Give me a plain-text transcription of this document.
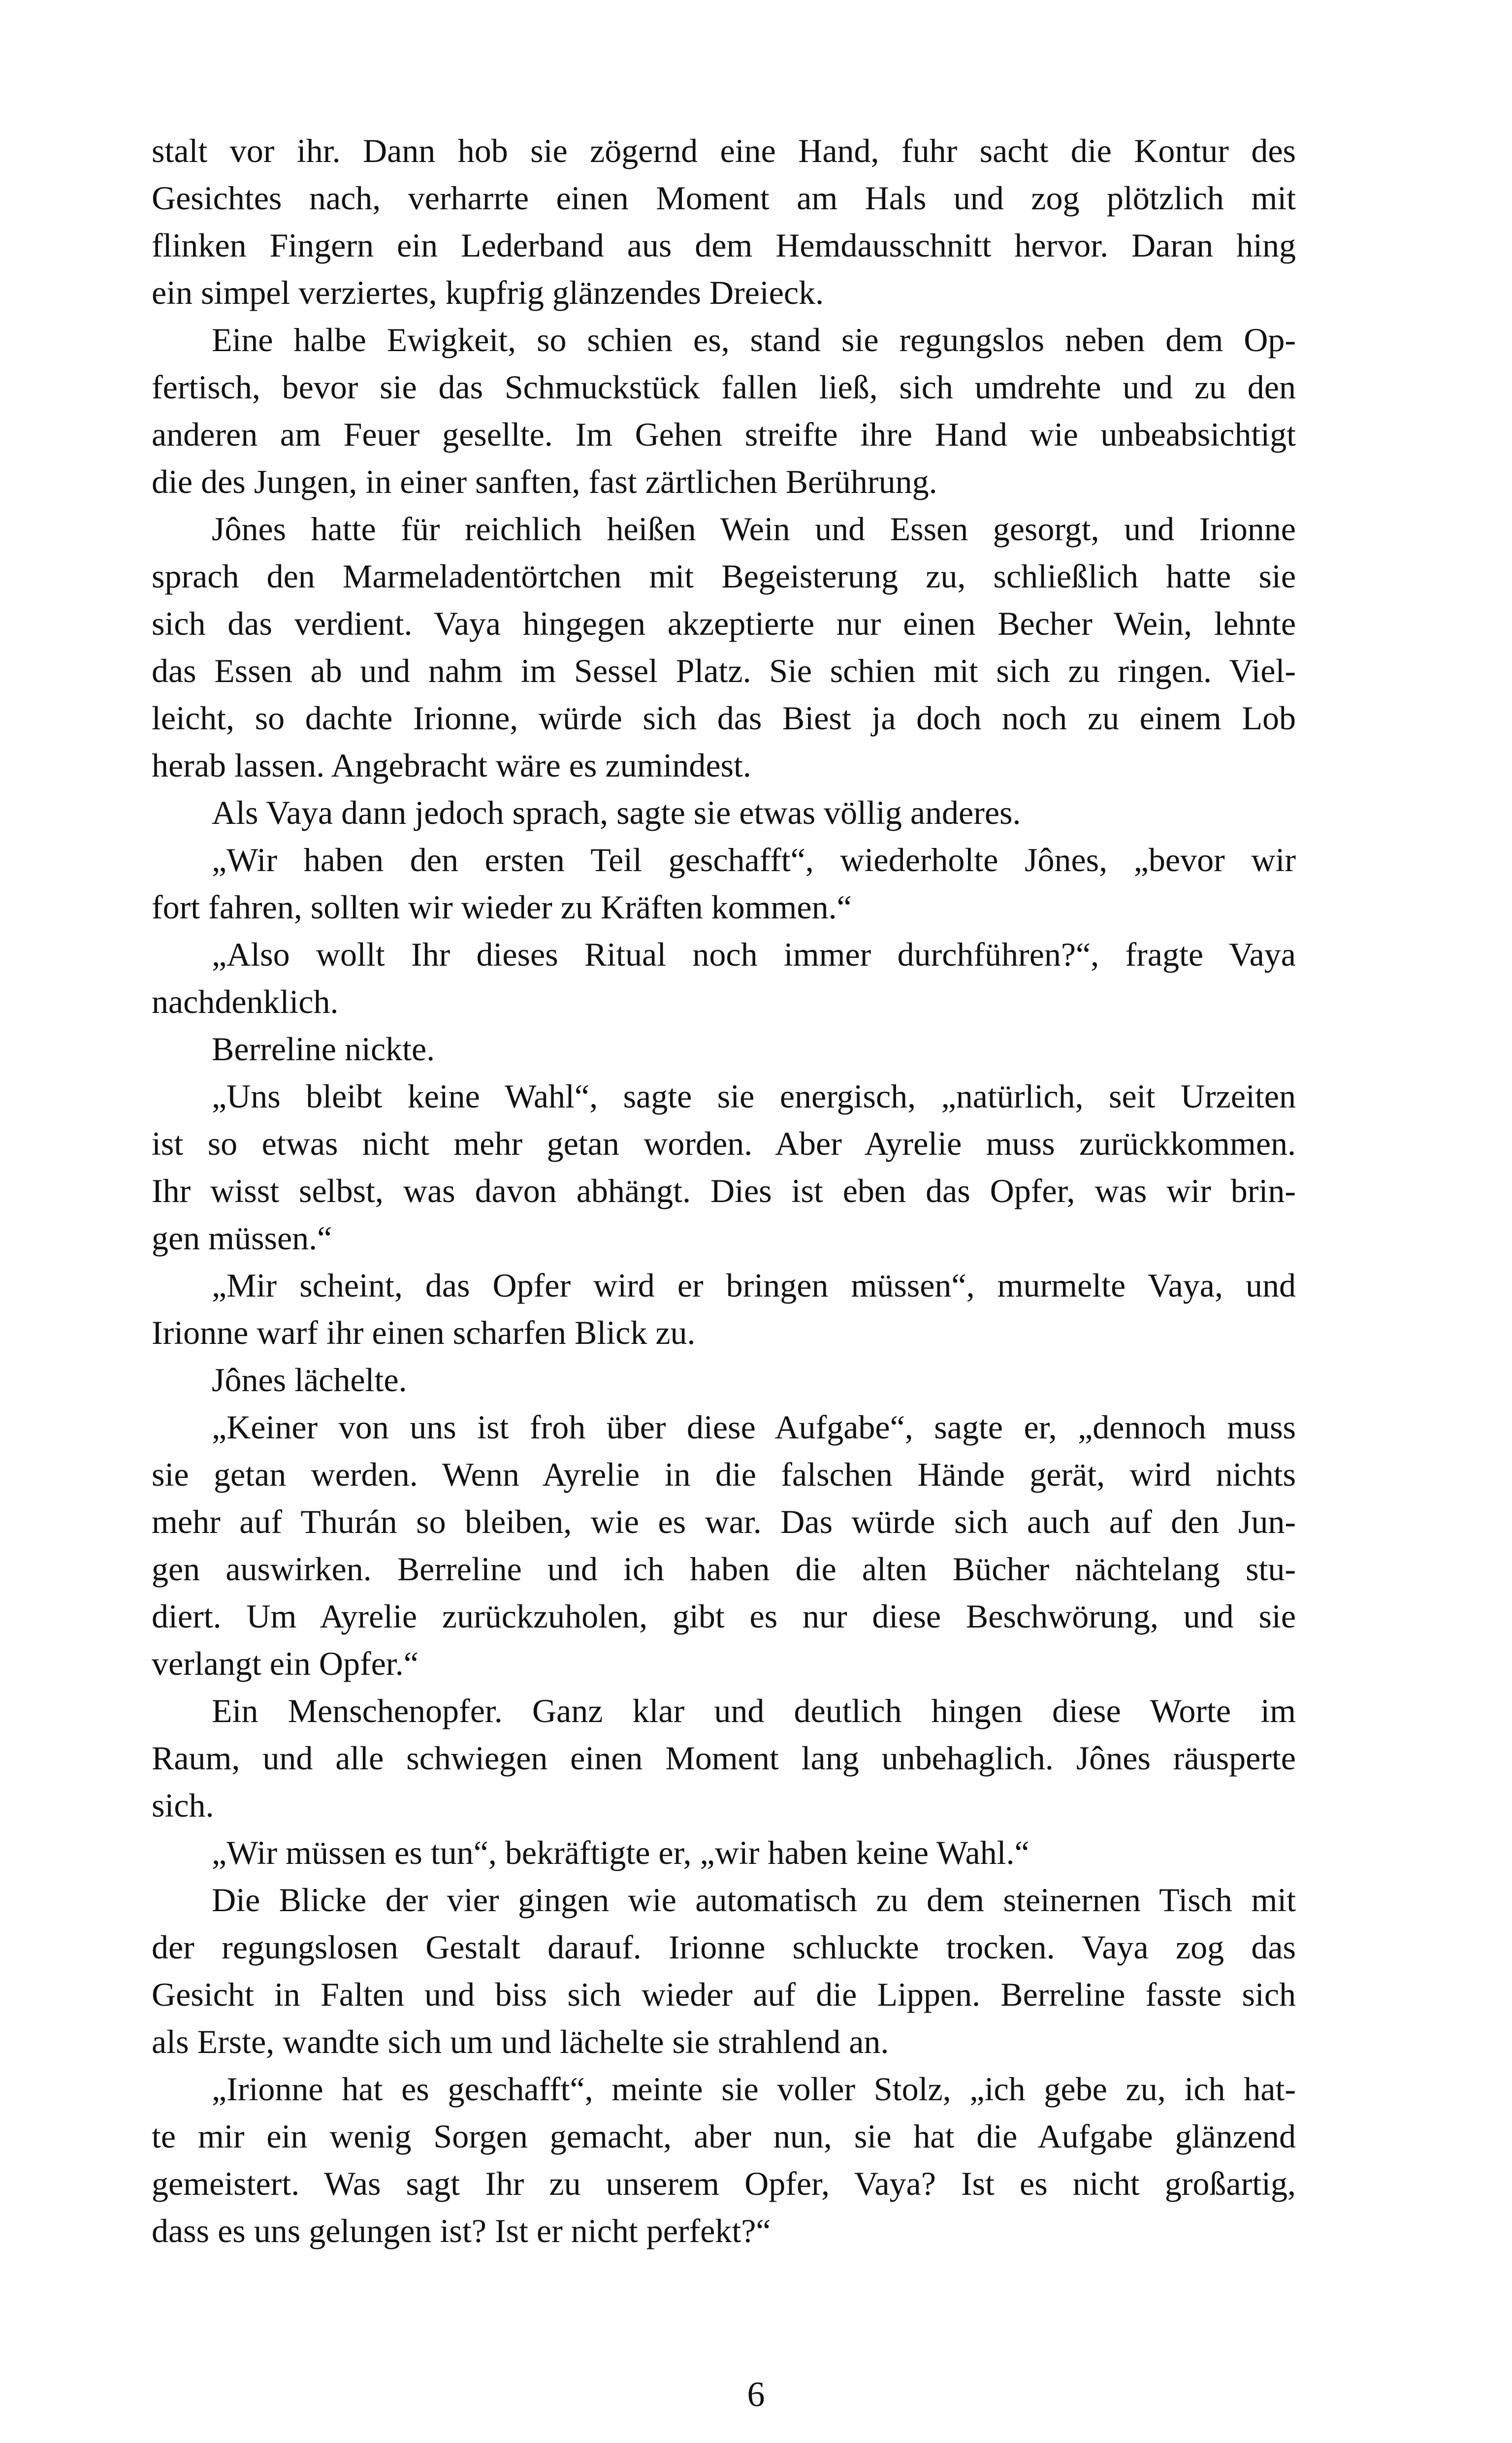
stalt vor ihr. Dann hob sie zögernd eine Hand, fuhr sacht die Kontur des
Gesichtes nach, verharrte einen Moment am Hals und zog plötzlich mit
flinken Fingern ein Lederband aus dem Hemdausschnitt hervor. Daran hing
ein simpel verziertes, kupfrig glänzendes Dreieck.
Eine halbe Ewigkeit, so schien es, stand sie regungslos neben dem Op-
fertisch, bevor sie das Schmuckstück fallen ließ, sich umdrehte und zu den
anderen am Feuer gesellte. Im Gehen streifte ihre Hand wie unbeabsichtigt
die des Jungen, in einer sanften, fast zärtlichen Berührung.
Jônes hatte für reichlich heißen Wein und Essen gesorgt, und Irionne
sprach den Marmeladentörtchen mit Begeisterung zu, schließlich hatte sie
sich das verdient. Vaya hingegen akzeptierte nur einen Becher Wein, lehnte
das Essen ab und nahm im Sessel Platz. Sie schien mit sich zu ringen. Viel-
leicht, so dachte Irionne, würde sich das Biest ja doch noch zu einem Lob
herab lassen. Angebracht wäre es zumindest.
Als Vaya dann jedoch sprach, sagte sie etwas völlig anderes.
„Wir haben den ersten Teil geschafft“, wiederholte Jônes, „bevor wir
fort fahren, sollten wir wieder zu Kräften kommen.“
„Also wollt Ihr dieses Ritual noch immer durchführen?“, fragte Vaya
nachdenklich.
Berreline nickte.
„Uns bleibt keine Wahl“, sagte sie energisch, „natürlich, seit Urzeiten
ist so etwas nicht mehr getan worden. Aber Ayrelie muss zurückkommen.
Ihr wisst selbst, was davon abhängt. Dies ist eben das Opfer, was wir brin-
gen müssen.“
„Mir scheint, das Opfer wird er bringen müssen“, murmelte Vaya, und
Irionne warf ihr einen scharfen Blick zu.
Jônes lächelte.
„Keiner von uns ist froh über diese Aufgabe“, sagte er, „dennoch muss
sie getan werden. Wenn Ayrelie in die falschen Hände gerät, wird nichts
mehr auf Thurán so bleiben, wie es war. Das würde sich auch auf den Jun-
gen auswirken. Berreline und ich haben die alten Bücher nächtelang stu-
diert. Um Ayrelie zurückzuholen, gibt es nur diese Beschwörung, und sie
verlangt ein Opfer.“
Ein Menschenopfer. Ganz klar und deutlich hingen diese Worte im
Raum, und alle schwiegen einen Moment lang unbehaglich. Jônes räusperte
sich.
„Wir müssen es tun“, bekräftigte er, „wir haben keine Wahl.“
Die Blicke der vier gingen wie automatisch zu dem steinernen Tisch mit
der regungslosen Gestalt darauf. Irionne schluckte trocken. Vaya zog das
Gesicht in Falten und biss sich wieder auf die Lippen. Berreline fasste sich
als Erste, wandte sich um und lächelte sie strahlend an.
„Irionne hat es geschafft“, meinte sie voller Stolz, „ich gebe zu, ich hat-
te mir ein wenig Sorgen gemacht, aber nun, sie hat die Aufgabe glänzend
gemeistert. Was sagt Ihr zu unserem Opfer, Vaya? Ist es nicht großartig,
dass es uns gelungen ist? Ist er nicht perfekt?“
6
